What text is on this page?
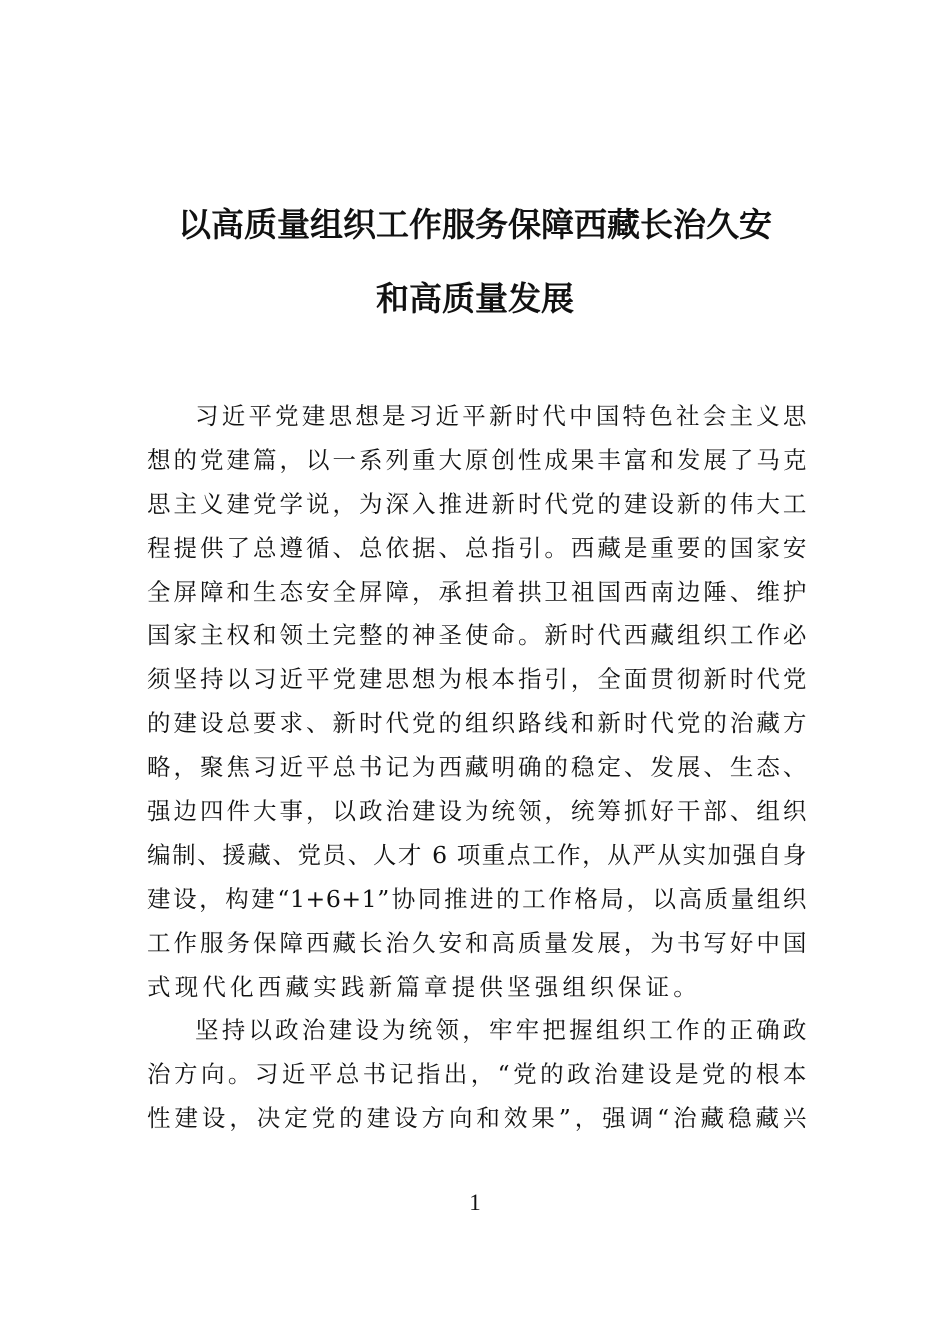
以高质量组织工作服务保障西藏长治久安
和高质量发展
习近平党建思想是习近平新时代中国特色社会主义思
想的党建篇，以一系列重大原创性成果丰富和发展了马克
思主义建党学说，为深入推进新时代党的建设新的伟大工
程提供了总遵循、总依据、总指引。西藏是重要的国家安
全屏障和生态安全屏障，承担着拱卫祖国西南边陲、维护
国家主权和领土完整的神圣使命。新时代西藏组织工作必
须坚持以习近平党建思想为根本指引，全面贯彻新时代党
的建设总要求、新时代党的组织路线和新时代党的治藏方
略，聚焦习近平总书记为西藏明确的稳定、发展、生态、
强边四件大事，以政治建设为统领，统筹抓好干部、组织
编制、援藏、党员、人才 6 项重点工作，从严从实加强自身
建设，构建“1+6+1”协同推进的工作格局，以高质量组织
工作服务保障西藏长治久安和高质量发展，为书写好中国
式现代化西藏实践新篇章提供坚强组织保证。
坚持以政治建设为统领，牢牢把握组织工作的正确政
治方向。习近平总书记指出，“党的政治建设是党的根本
性建设，决定党的建设方向和效果”，强调“治藏稳藏兴
1
